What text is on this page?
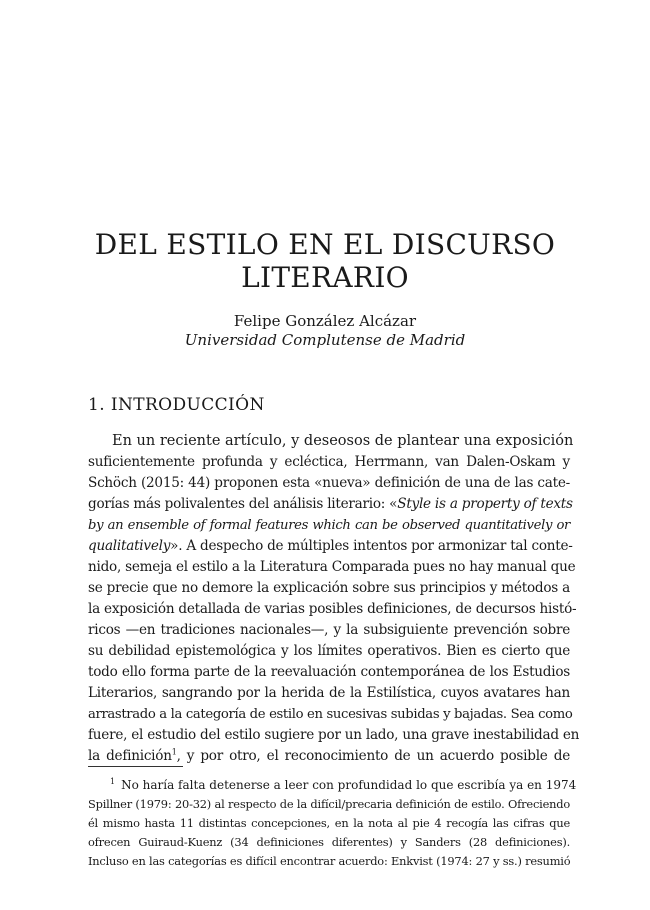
DEL ESTILO EN EL DISCURSO
LITERARIO
Felipe González Alcázar
Universidad Complutense de Madrid
1. INTRODUCCIÓN
En un reciente artículo, y deseosos de plantear una exposición
suficientemente profunda y ecléctica, Herrmann, van Dalen-Oskam y
Schöch (2015: 44) proponen esta «nueva» definición de una de las cate-
gorías más polivalentes del análisis literario: «Style is a property of texts
by an ensemble of formal features which can be observed quantitatively or
qualitatively». A despecho de múltiples intentos por armonizar tal conte-
nido, semeja el estilo a la Literatura Comparada pues no hay manual que
se precie que no demore la explicación sobre sus principios y métodos a
la exposición detallada de varias posibles definiciones, de decursos histó-
ricos —en tradiciones nacionales—, y la subsiguiente prevención sobre
su debilidad epistemológica y los límites operativos. Bien es cierto que
todo ello forma parte de la reevaluación contemporánea de los Estudios
Literarios, sangrando por la herida de la Estilística, cuyos avatares han
arrastrado a la categoría de estilo en sucesivas subidas y bajadas. Sea como
fuere, el estudio del estilo sugiere por un lado, una grave inestabilidad en
la definición$^1$, y por otro, el reconocimiento de un acuerdo posible de
$^1$ No haría falta detenerse a leer con profundidad lo que escribía ya en 1974
Spillner (1979: 20-32) al respecto de la difícil/precaria definición de estilo. Ofreciendo
él mismo hasta 11 distintas concepciones, en la nota al pie 4 recogía las cifras que
ofrecen Guiraud-Kuenz (34 definiciones diferentes) y Sanders (28 definiciones).
Incluso en las categorías es difícil encontrar acuerdo: Enkvist (1974: 27 y ss.) resumió
